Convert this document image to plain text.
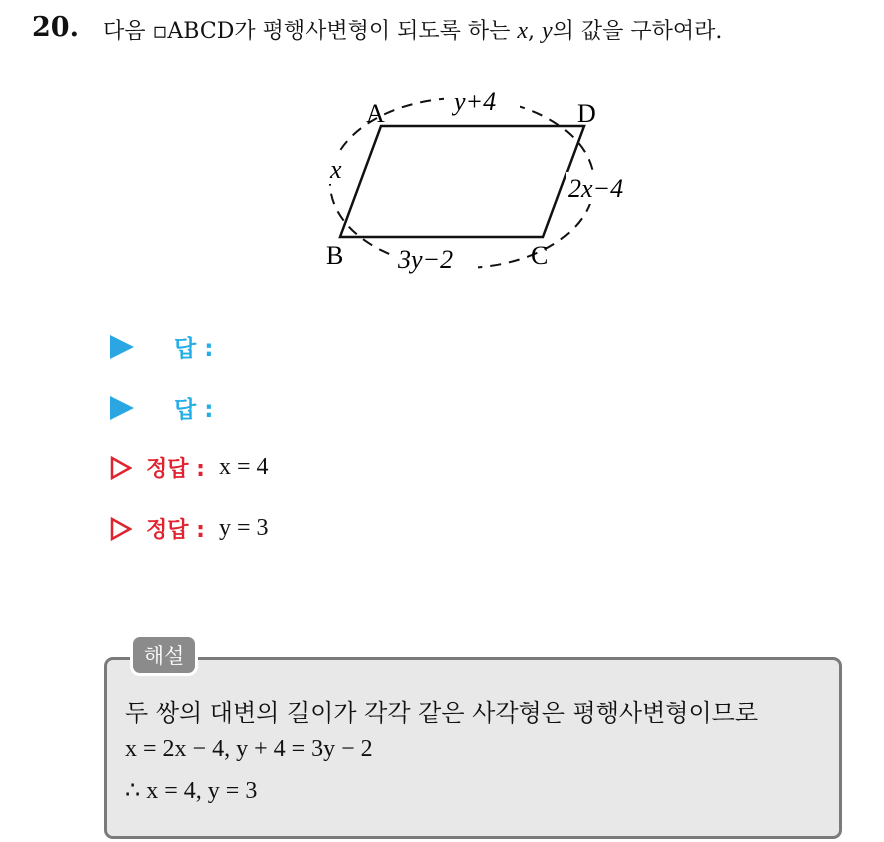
20. 다음 ▫ABCD가 평행사변형이 되도록 하는 x, y의 값을 구하여라.
A	D
B	C
y+4
x
2x−4
3y−2
답 :
답 :
정답 : x = 4
정답 : y = 3
해설
두 쌍의 대변의 길이가 각각 같은 사각형은 평행사변형이므로
x = 2x − 4, y + 4 = 3y − 2
∴ x = 4, y = 3
